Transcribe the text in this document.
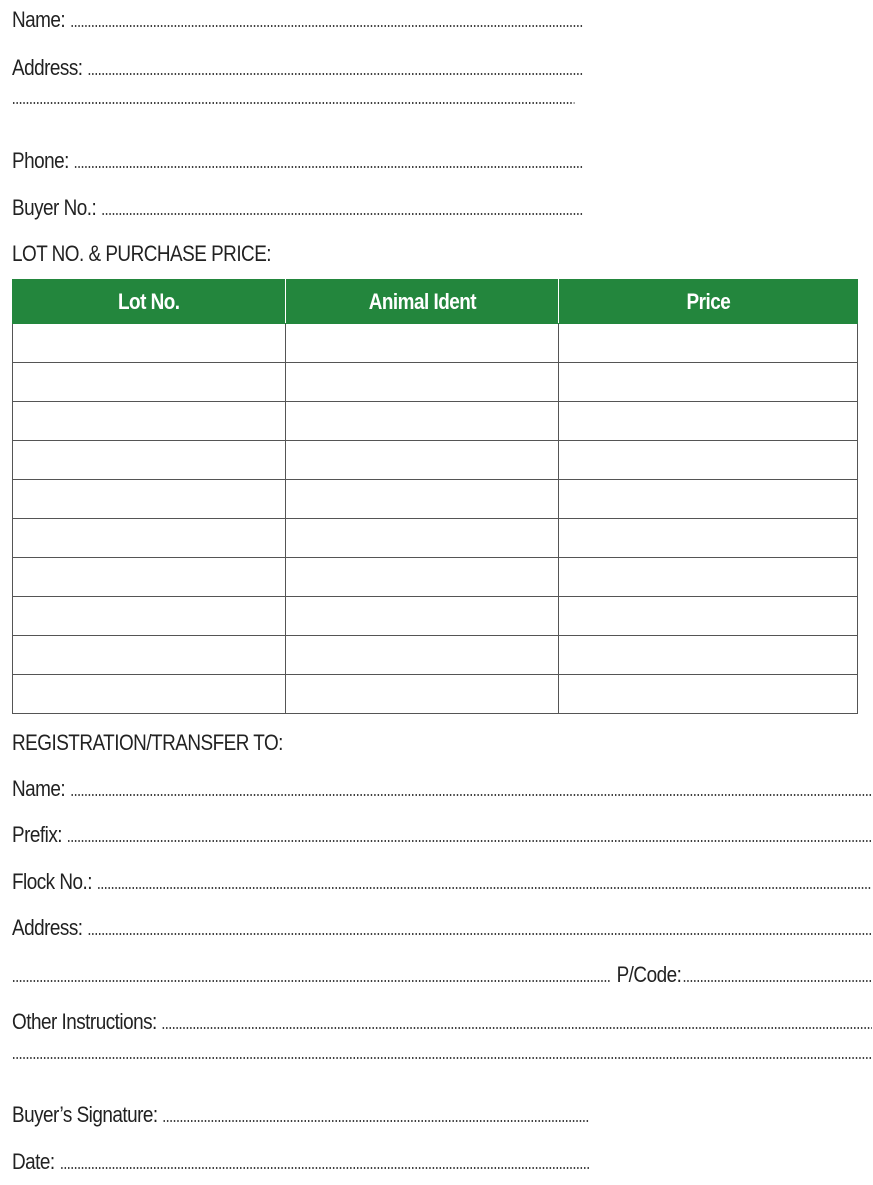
Name:
Address:
Phone:
Buyer No.:
LOT NO. & PURCHASE PRICE:
Lot No.	Animal Ident	Price

REGISTRATION/TRANSFER TO:
Name:
Prefix:
Flock No.:
Address:
P/Code:
Other Instructions:
Buyer’s Signature:
Date:
